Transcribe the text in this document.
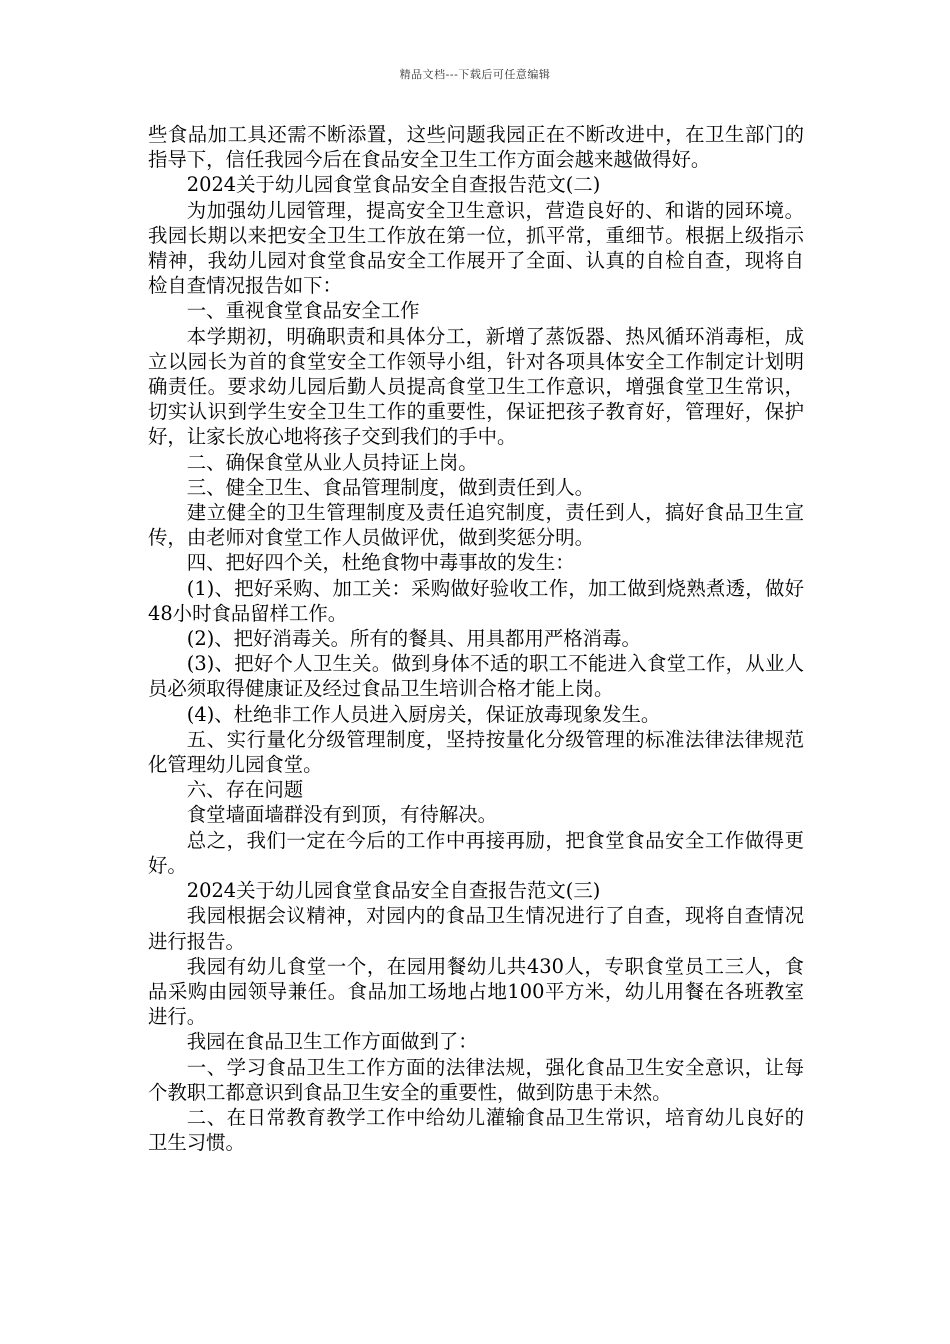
精品文档---下载后可任意编辑

些食品加工具还需不断添置，这些问题我园正在不断改进中，在卫生部门的指导下，信任我园今后在食品安全卫生工作方面会越来越做得好。

2024关于幼儿园食堂食品安全自查报告范文(二)

为加强幼儿园管理，提高安全卫生意识，营造良好的、和谐的园环境。我园长期以来把安全卫生工作放在第一位，抓平常，重细节。根据上级指示精神，我幼儿园对食堂食品安全工作展开了全面、认真的自检自查，现将自检自查情况报告如下：

一、重视食堂食品安全工作

本学期初，明确职责和具体分工，新增了蒸饭器、热风循环消毒柜，成立以园长为首的食堂安全工作领导小组，针对各项具体安全工作制定计划明确责任。要求幼儿园后勤人员提高食堂卫生工作意识，增强食堂卫生常识，切实认识到学生安全卫生工作的重要性，保证把孩子教育好，管理好，保护好，让家长放心地将孩子交到我们的手中。

二、确保食堂从业人员持证上岗。

三、健全卫生、食品管理制度，做到责任到人。

建立健全的卫生管理制度及责任追究制度，责任到人，搞好食品卫生宣传，由老师对食堂工作人员做评优，做到奖惩分明。

四、把好四个关，杜绝食物中毒事故的发生：

(1)、把好采购、加工关：采购做好验收工作，加工做到烧熟煮透，做好48小时食品留样工作。

(2)、把好消毒关。所有的餐具、用具都用严格消毒。

(3)、把好个人卫生关。做到身体不适的职工不能进入食堂工作，从业人员必须取得健康证及经过食品卫生培训合格才能上岗。

(4)、杜绝非工作人员进入厨房关，保证放毒现象发生。

五、实行量化分级管理制度，坚持按量化分级管理的标准法律法律规范化管理幼儿园食堂。

六、存在问题

食堂墙面墙群没有到顶，有待解决。

总之，我们一定在今后的工作中再接再励，把食堂食品安全工作做得更好。

2024关于幼儿园食堂食品安全自查报告范文(三)

我园根据会议精神，对园内的食品卫生情况进行了自查，现将自查情况进行报告。

我园有幼儿食堂一个，在园用餐幼儿共430人，专职食堂员工三人，食品采购由园领导兼任。食品加工场地占地100平方米，幼儿用餐在各班教室进行。

我园在食品卫生工作方面做到了：

一、学习食品卫生工作方面的法律法规，强化食品卫生安全意识，让每个教职工都意识到食品卫生安全的重要性，做到防患于未然。

二、在日常教育教学工作中给幼儿灌输食品卫生常识，培育幼儿良好的卫生习惯。
